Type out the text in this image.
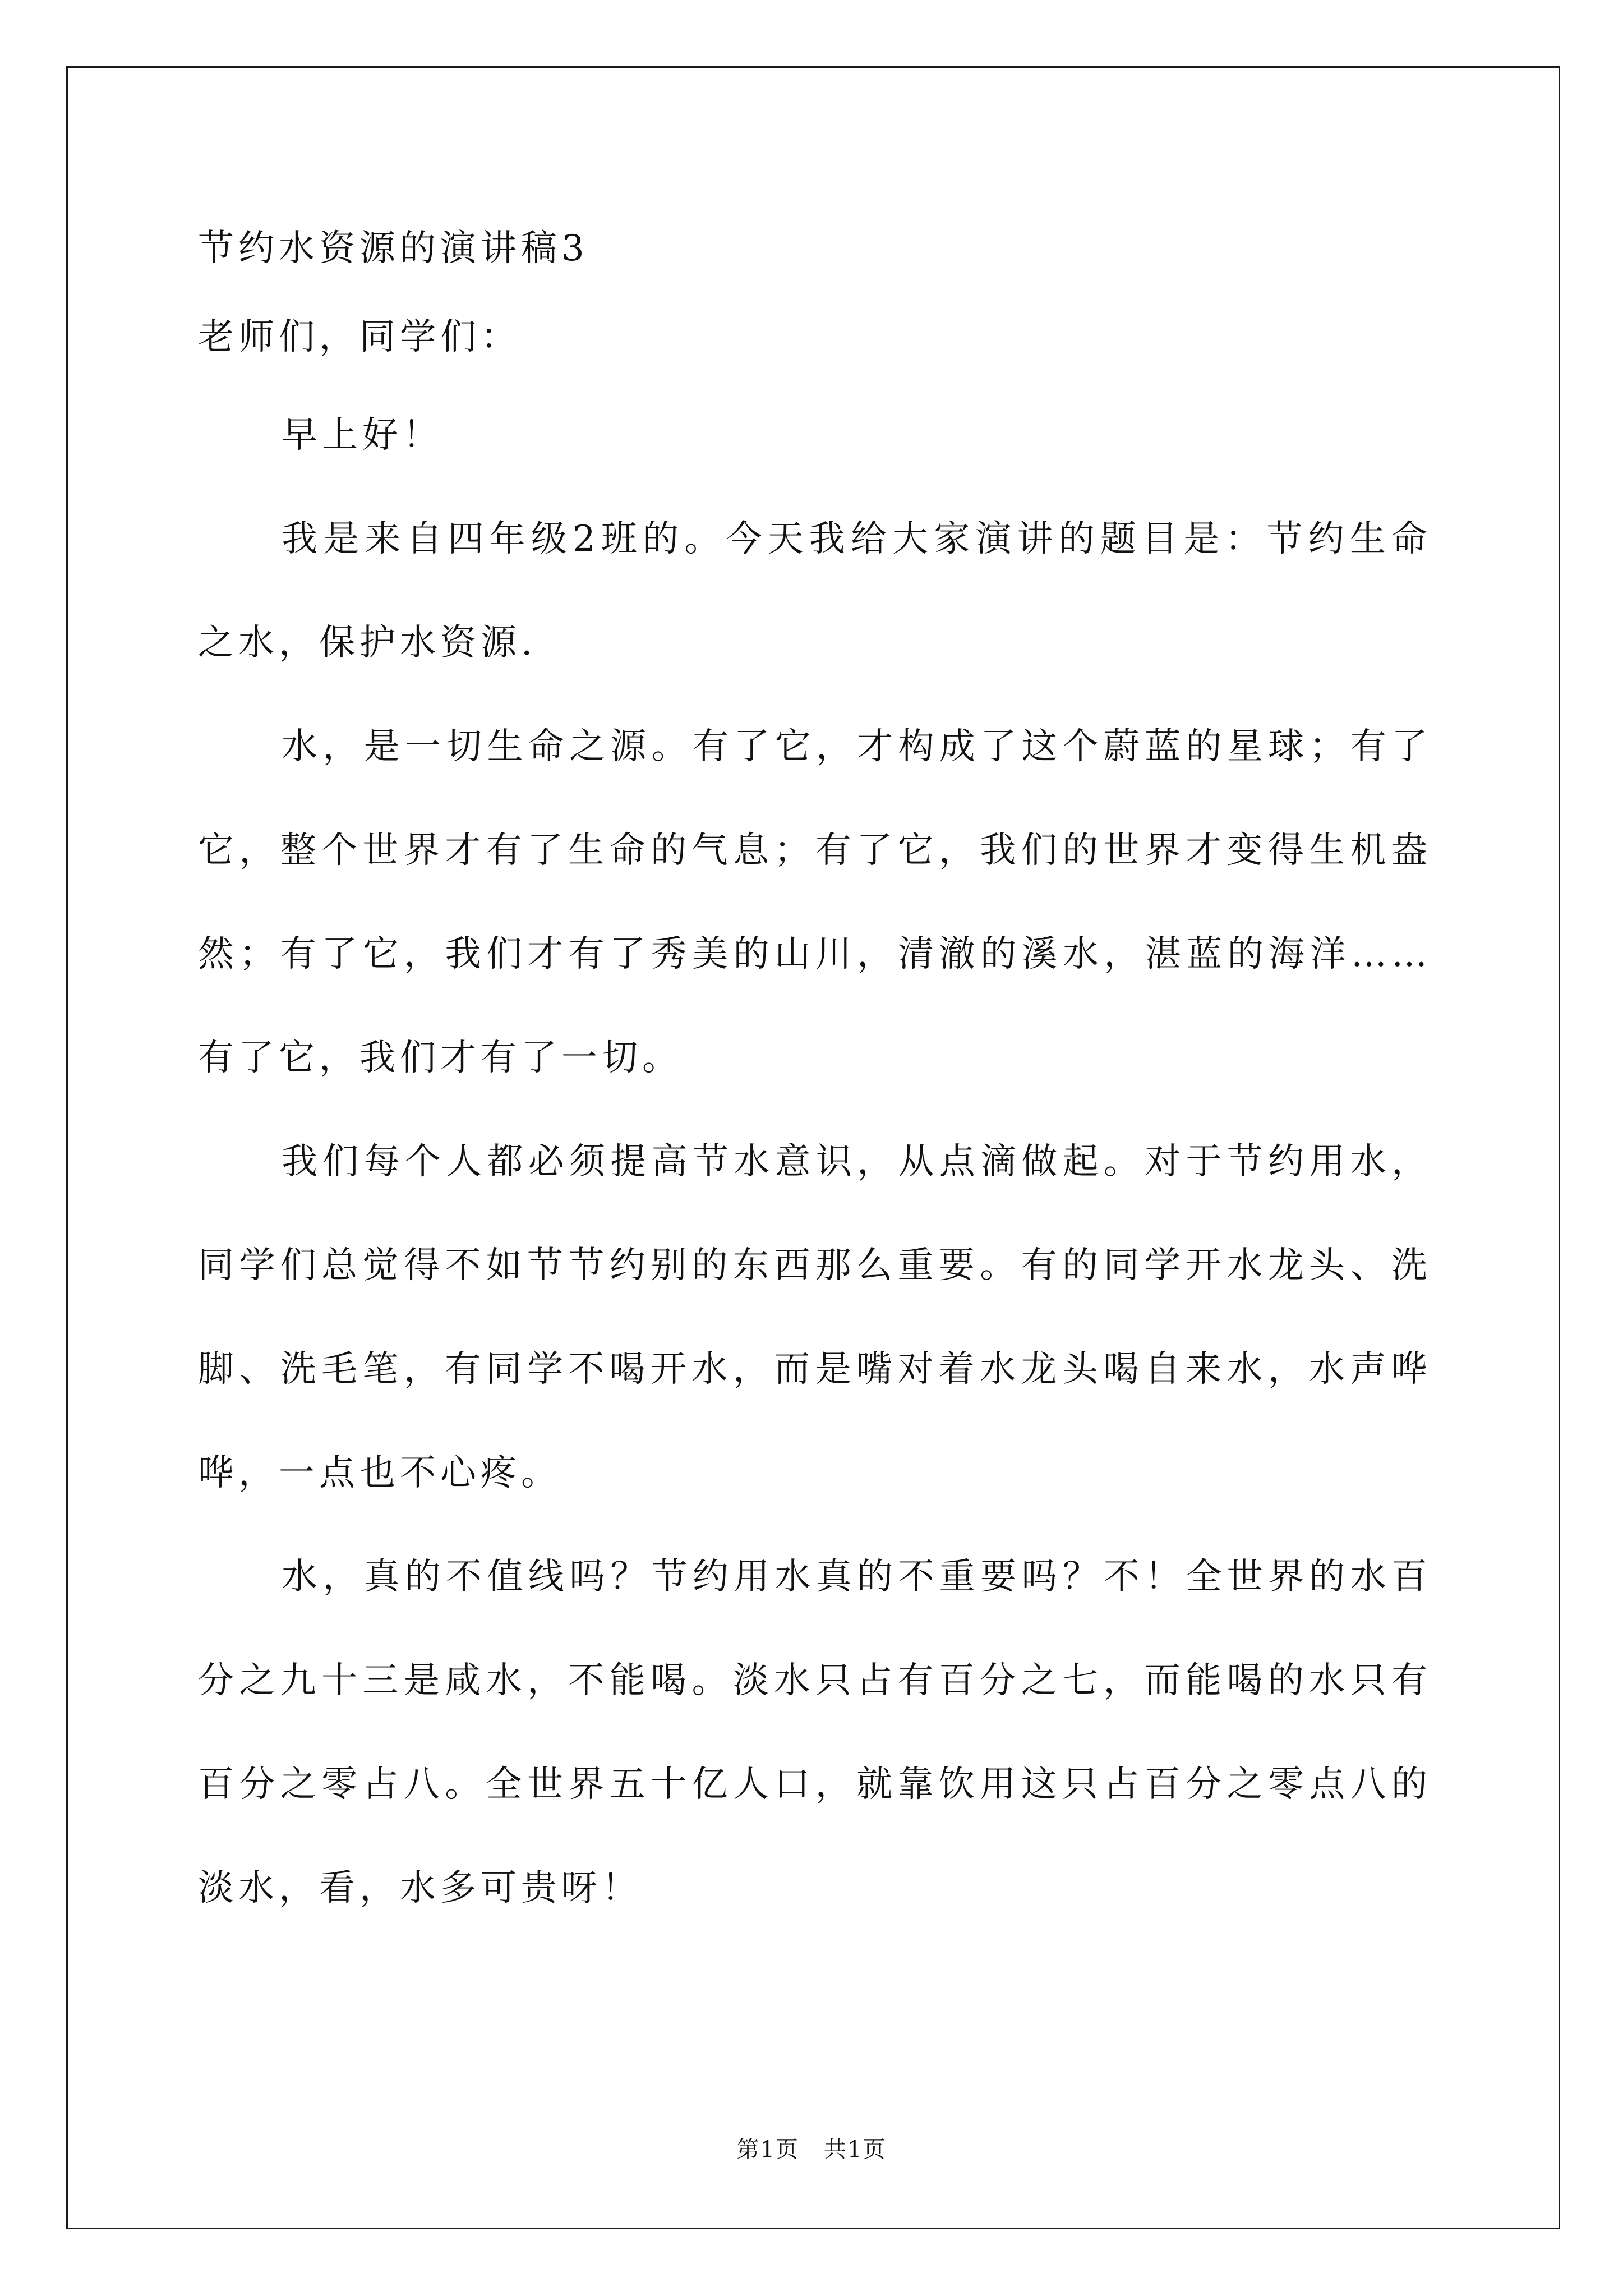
节约水资源的演讲稿3

老师们，同学们：

早上好！

我是来自四年级2班的。今天我给大家演讲的题目是：节约生命之水，保护水资源.

水，是一切生命之源。有了它，才构成了这个蔚蓝的星球；有了它，整个世界才有了生命的气息；有了它，我们的世界才变得生机盎然；有了它，我们才有了秀美的山川，清澈的溪水，湛蓝的海洋……有了它，我们才有了一切。

我们每个人都必须提高节水意识，从点滴做起。对于节约用水，同学们总觉得不如节节约别的东西那么重要。有的同学开水龙头、洗脚、洗毛笔，有同学不喝开水，而是嘴对着水龙头喝自来水，水声哗哗，一点也不心疼。

水，真的不值线吗？节约用水真的不重要吗？不！全世界的水百分之九十三是咸水，不能喝。淡水只占有百分之七，而能喝的水只有百分之零占八。全世界五十亿人口，就靠饮用这只占百分之零点八的淡水，看，水多可贵呀！

第1页   共1页
